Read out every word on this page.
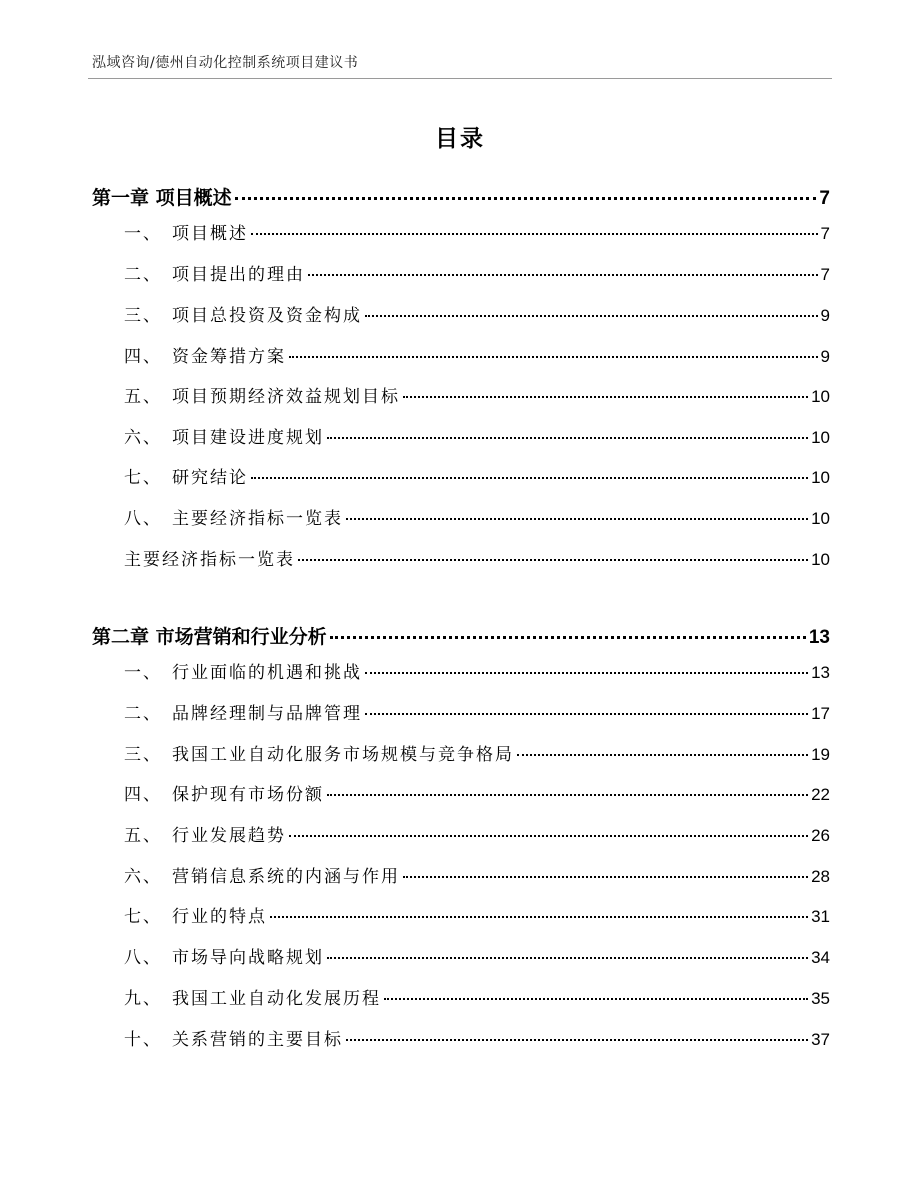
泓域咨询/德州自动化控制系统项目建议书
目录
第一章 项目概述	7
一、 项目概述	7
二、 项目提出的理由	7
三、 项目总投资及资金构成	9
四、 资金筹措方案	9
五、 项目预期经济效益规划目标	10
六、 项目建设进度规划	10
七、 研究结论	10
八、 主要经济指标一览表	10
主要经济指标一览表	10
第二章 市场营销和行业分析	13
一、 行业面临的机遇和挑战	13
二、 品牌经理制与品牌管理	17
三、 我国工业自动化服务市场规模与竞争格局	19
四、 保护现有市场份额	22
五、 行业发展趋势	26
六、 营销信息系统的内涵与作用	28
七、 行业的特点	31
八、 市场导向战略规划	34
九、 我国工业自动化发展历程	35
十、 关系营销的主要目标	37
